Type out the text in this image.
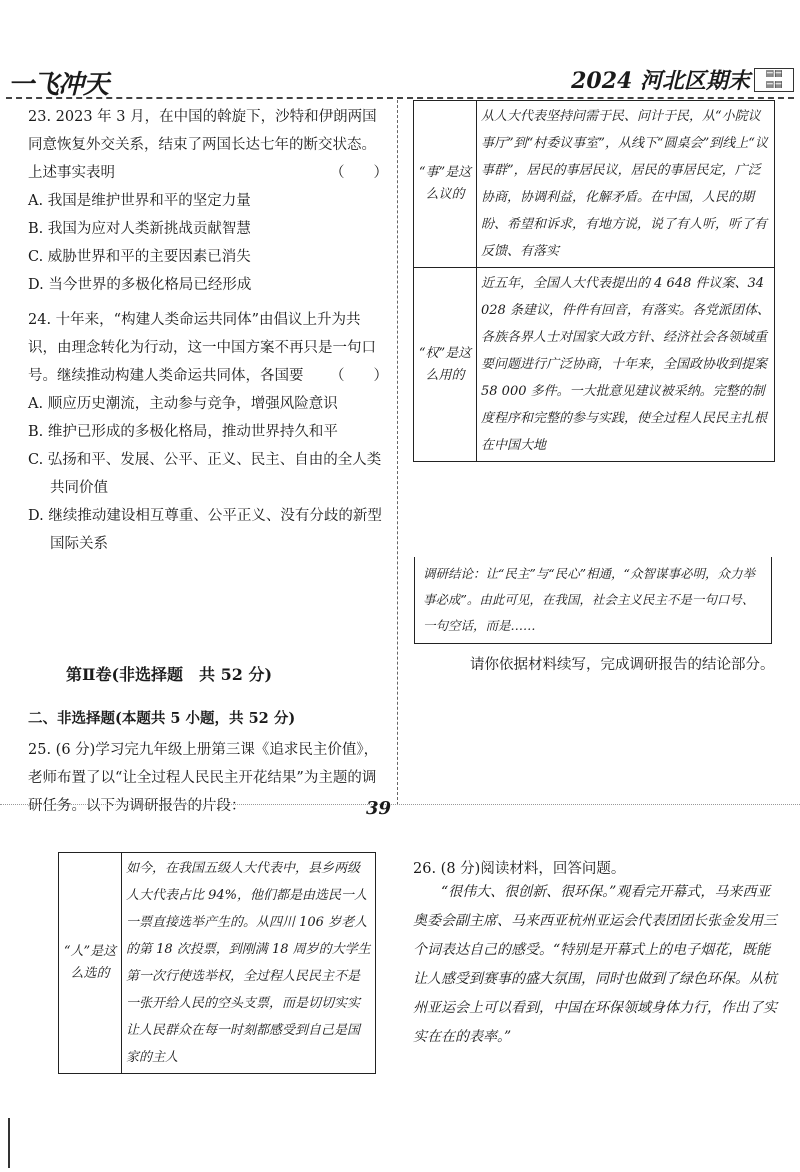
一飞冲天	2024 河北区期末	▤▤
▤▤
23. 2023 年 3 月，在中国的斡旋下，沙特和伊朗两国同意恢复外交关系，结束了两国长达七年的断交状态。上述事实表明	（　　）
A. 我国是维护世界和平的坚定力量
B. 我国为应对人类新挑战贡献智慧
C. 威胁世界和平的主要因素已消失
D. 当今世界的多极化格局已经形成
24. 十年来，“构建人类命运共同体”由倡议上升为共识，由理念转化为行动，这一中国方案不再只是一句口号。继续推动构建人类命运共同体，各国要 （　　）
A. 顺应历史潮流，主动参与竞争，增强风险意识
B. 维护已形成的多极化格局，推动世界持久和平
C. 弘扬和平、发展、公平、正义、民主、自由的全人类共同价值
D. 继续推动建设相互尊重、公平正义、没有分歧的新型国际关系
第Ⅱ卷(非选择题　共 52 分)
二、非选择题(本题共 5 小题，共 52 分)
25. (6 分)学习完九年级上册第三课《追求民主价值》，老师布置了以“让全过程人民民主开花结果”为主题的调研任务。以下为调研报告的片段：
“人”是这么选的	如今，在我国五级人大代表中，县乡两级人大代表占比 94%，他们都是由选民一人一票直接选举产生的。从四川 106 岁老人的第 18 次投票，到刚满 18 周岁的大学生第一次行使选举权，全过程人民民主不是一张开给人民的空头支票，而是切切实实让人民群众在每一时刻都感受到自己是国家的主人
“事”是这么议的	从人大代表坚持问需于民、问计于民，从“小院议事厅”到“村委议事室”，从线下“圆桌会”到线上“议事群”，居民的事居民议，居民的事居民定，广泛协商，协调利益，化解矛盾。在中国，人民的期盼、希望和诉求，有地方说，说了有人听，听了有反馈、有落实
“权”是这么用的	近五年，全国人大代表提出的 4 648 件议案、34 028 条建议，件件有回音，有落实。各党派团体、各族各界人士对国家大政方针、经济社会各领域重要问题进行广泛协商，十年来，全国政协收到提案 58 000 多件。一大批意见建议被采纳。完整的制度程序和完整的参与实践，使全过程人民民主扎根在中国大地
调研结论：让“民主”与“民心”相通，“众智谋事必明，众力举事必成”。由此可见，在我国，社会主义民主不是一句口号、一句空话，而是……
请你依据材料续写，完成调研报告的结论部分。
26. (8 分)阅读材料，回答问题。
“很伟大、很创新、很环保。”观看完开幕式，马来西亚奥委会副主席、马来西亚杭州亚运会代表团团长张金发用三个词表达自己的感受。“特别是开幕式上的电子烟花，既能让人感受到赛事的盛大氛围，同时也做到了绿色环保。从杭州亚运会上可以看到，中国在环保领域身体力行，作出了实实在在的表率。”
39
